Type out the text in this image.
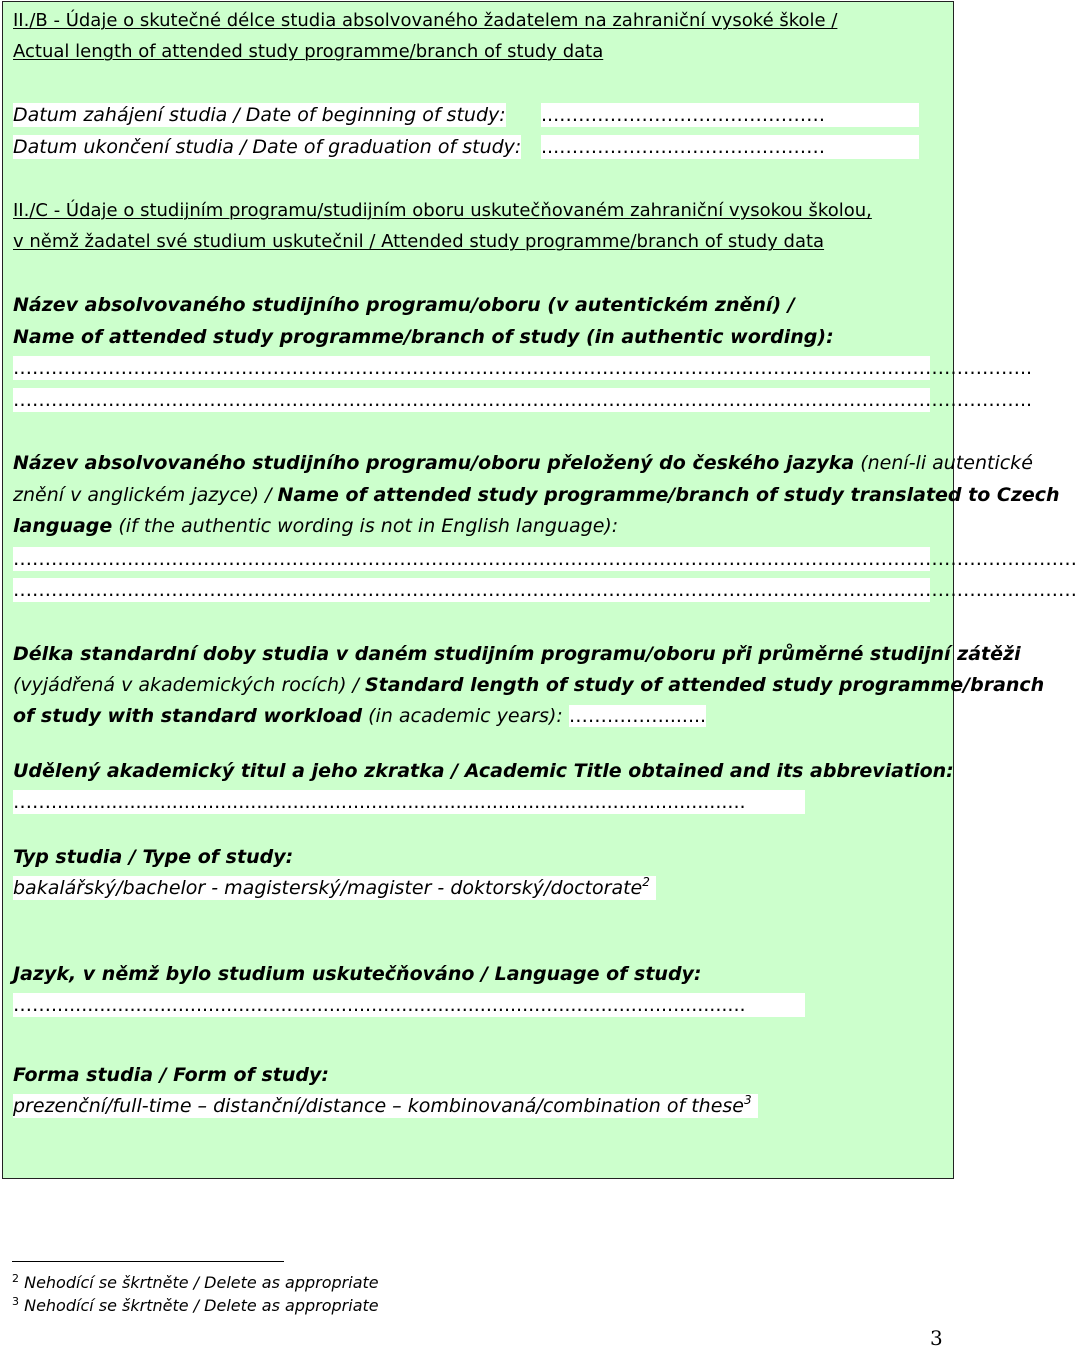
II./B - Údaje o skutečné délce studia absolvovaného žadatelem na zahraniční vysoké škole /
Actual length of attended study programme/branch of study data
Datum zahájení studia / Date of beginning of study: ...……………………………………
Datum ukončení studia / Date of graduation of study: ...……………………………………
II./C - Údaje o studijním programu/studijním oboru uskutečňovaném zahraniční vysokou školou,
v němž žadatel své studium uskutečnil / Attended study programme/branch of study data
Název absolvovaného studijního programu/oboru (v autentickém znění) /
Name of attended study programme/branch of study (in authentic wording):
……………………………………………………………………………………………………………………………………………..
……………………………………………………………………………………………………………………………………………..
Název absolvovaného studijního programu/oboru přeložený do českého jazyka (není-li autentické
znění v anglickém jazyce) / Name of attended study programme/branch of study translated to Czech
language (if the authentic wording is not in English language):
……………………………………………………………………………………………………………………………………………………
……………………………………………………………………………………………………………………………………………………
Délka standardní doby studia v daném studijním programu/oboru při průměrné studijní zátěži
(vyjádřená v akademických rocích) / Standard length of study of attended study programme/branch
of study with standard workload (in academic years): …………….......
Udělený akademický titul a jeho zkratka / Academic Title obtained and its abbreviation:
……...................................................................................................................
Typ studia / Type of study:
bakalářský/bachelor - magisterský/magister - doktorský/doctorate$^2$
Jazyk, v němž bylo studium uskutečňováno / Language of study:
……...................................................................................................................
Forma studia / Form of study:
prezenční/full-time – distanční/distance – kombinovaná/combination of these$^3$
$^2$ Nehodící se škrtněte / Delete as appropriate
$^3$ Nehodící se škrtněte / Delete as appropriate
3
